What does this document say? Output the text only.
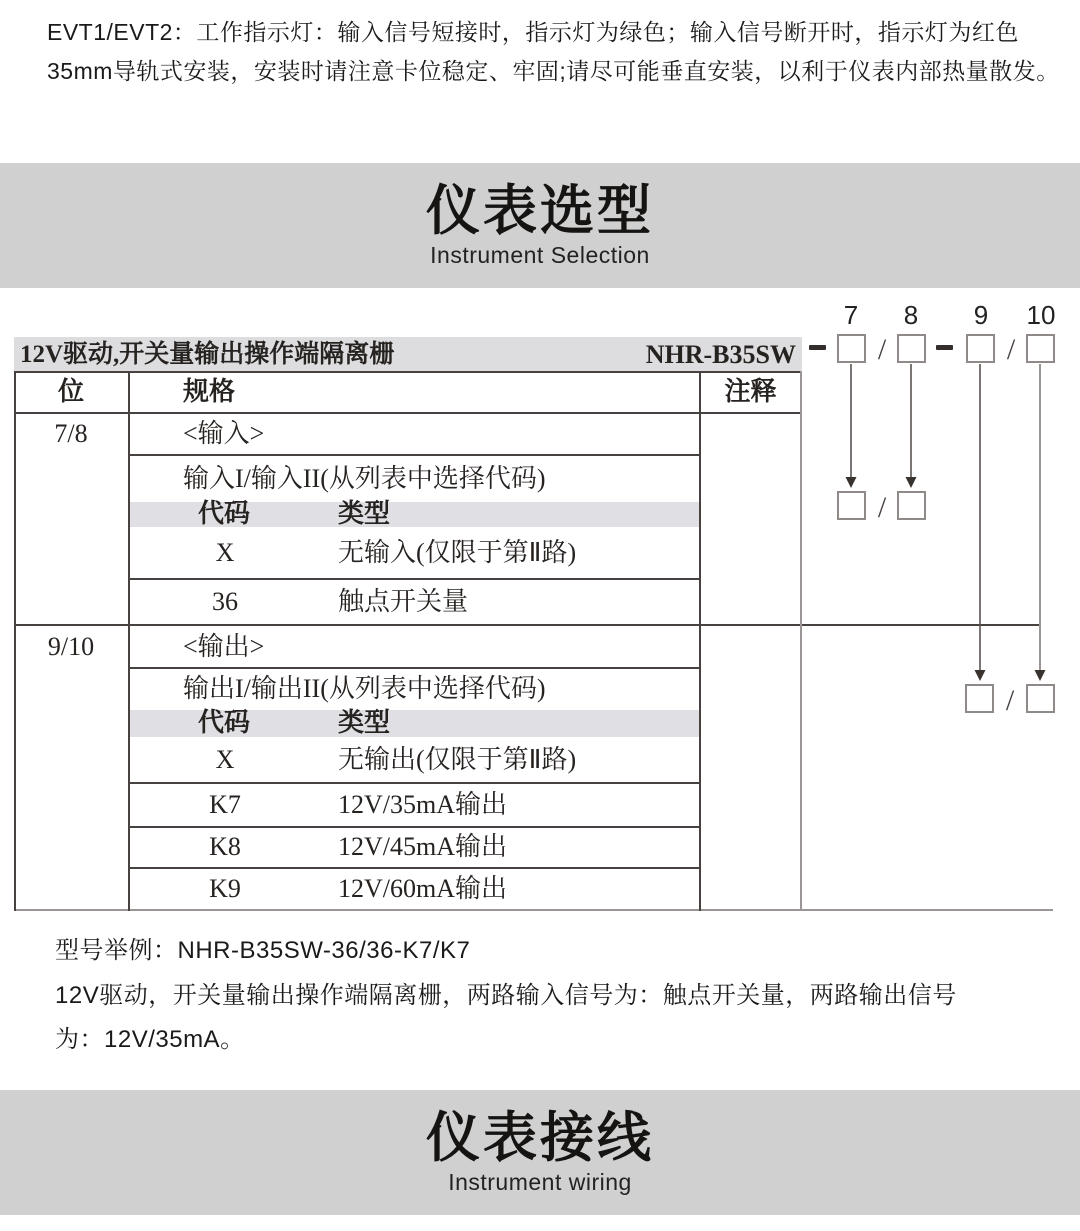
EVT1/EVT2：工作指示灯：输入信号短接时，指示灯为绿色；输入信号断开时，指示灯为红色
35mm导轨式安装，安装时请注意卡位稳定、牢固;请尽可能垂直安装，以利于仪表内部热量散发。
仪表选型
Instrument Selection
12V驱动,开关量输出操作端隔离栅	NHR-B35SW
位	规格	注释
7/8	<输入>
输入I/输入II(从列表中选择代码)
代码	类型
X	无输入(仅限于第Ⅱ路)
36	触点开关量
9/10	<输出>
输出I/输出II(从列表中选择代码)
代码	类型
X	无输出(仅限于第Ⅱ路)
K7	12V/35mA输出
K8	12V/45mA输出
K9	12V/60mA输出
7 8 9 10
/	/
/
/
型号举例：NHR-B35SW-36/36-K7/K7
12V驱动，开关量输出操作端隔离栅，两路输入信号为：触点开关量，两路输出信号
为：12V/35mA。
仪表接线
Instrument wiring
